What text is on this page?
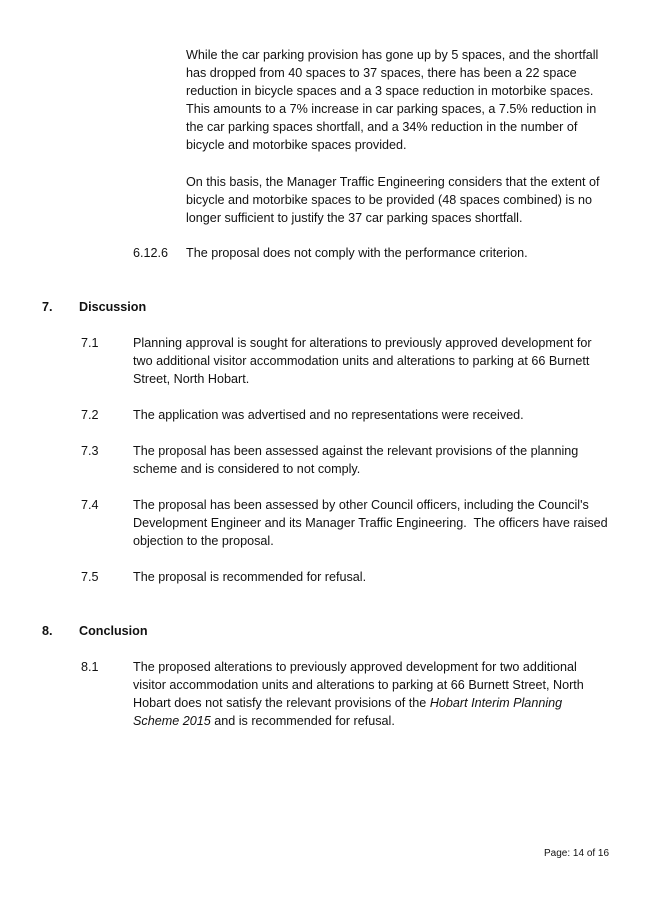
While the car parking provision has gone up by 5 spaces, and the shortfall has dropped from 40 spaces to 37 spaces, there has been a 22 space reduction in bicycle spaces and a 3 space reduction in motorbike spaces. This amounts to a 7% increase in car parking spaces, a 7.5% reduction in the car parking spaces shortfall, and a 34% reduction in the number of bicycle and motorbike spaces provided.

On this basis, the Manager Traffic Engineering considers that the extent of bicycle and motorbike spaces to be provided (48 spaces combined) is no longer sufficient to justify the 37 car parking spaces shortfall.

6.12.6 The proposal does not comply with the performance criterion.

7. Discussion

7.1	Planning approval is sought for alterations to previously approved development for two additional visitor accommodation units and alterations to parking at 66 Burnett Street, North Hobart.

7.2	The application was advertised and no representations were received.

7.3	The proposal has been assessed against the relevant provisions of the planning scheme and is considered to not comply.

7.4	The proposal has been assessed by other Council officers, including the Council's Development Engineer and its Manager Traffic Engineering.  The officers have raised objection to the proposal.

7.5	The proposal is recommended for refusal.

8. Conclusion

8.1	The proposed alterations to previously approved development for two additional visitor accommodation units and alterations to parking at 66 Burnett Street, North Hobart does not satisfy the relevant provisions of the Hobart Interim Planning Scheme 2015 and is recommended for refusal.

Page: 14 of 16
